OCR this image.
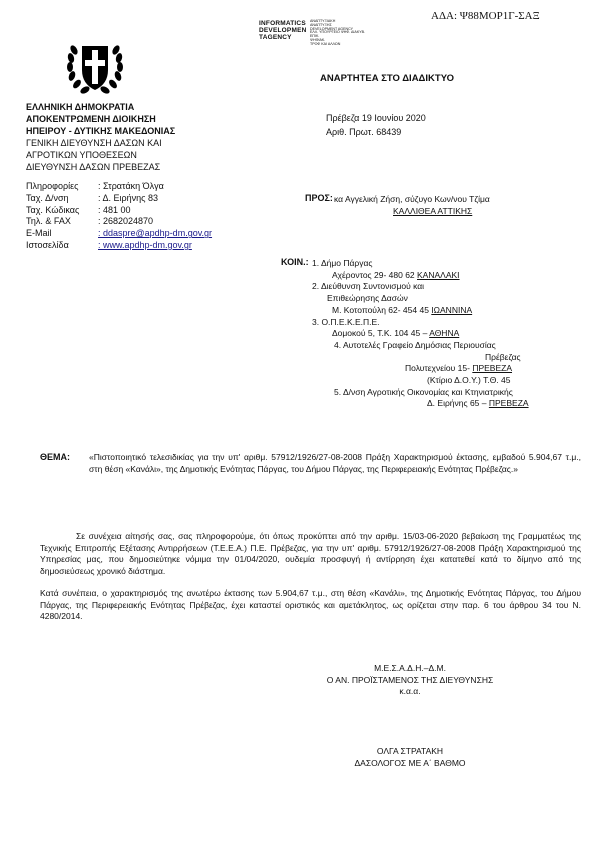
ΑΔΑ: Ψ88ΜΟΡ1Γ-ΣΑΞ
INFORMATICS
DEVELOPMEN
TAGENCY
ΑΝΑΠΤΥΞΙΑΚΗ
ΑΝΑΠΤΥΞΗΣ
DEVELOPMENT AGENCY
ΕΛΛ. ΥΠΟΥΡΓΕΙΟ ΨΗΦ. ΔΙΑΚΥΒ.
ΕΠΙΚ.
ΨΗΦΙΑΚ.
ΤΡΟΦ ΚΑΙ ΑΛΛΩΝ
ΑΝΑΡΤΗΤΕΑ ΣΤΟ ΔΙΑΔΙΚΤΥΟ
ΕΛΛΗΝΙΚΗ ΔΗΜΟΚΡΑΤΙΑ
ΑΠΟΚΕΝΤΡΩΜΕΝΗ ΔΙΟΙΚΗΣΗ
ΗΠΕΙΡΟΥ - ΔΥΤΙΚΗΣ ΜΑΚΕΔΟΝΙΑΣ
ΓΕΝΙΚΗ ΔΙΕΥΘΥΝΣΗ ΔΑΣΩΝ ΚΑΙ
ΑΓΡΟΤΙΚΩΝ ΥΠΟΘΕΣΕΩΝ
ΔΙΕΥΘΥΝΣΗ ΔΑΣΩΝ ΠΡΕΒΕΖΑΣ
Πρέβεζα 19 Ιουνίου 2020
Αριθ. Πρωτ. 68439
Πληροφορίες	: Στρατάκη Όλγα
Ταχ. Δ/νση	: Δ. Ειρήνης 83
Ταχ. Κώδικας	: 481 00
Τηλ. & FAX	: 2682024870
E-Mail	: ddaspre@apdhp-dm.gov.gr
Ιστοσελίδα	: www.apdhp-dm.gov.gr
ΠΡΟΣ: κα Αγγελική Ζήση, σύζυγο Κων/νου Τζίμα
ΚΑΛΛΙΘΕΑ ΑΤΤΙΚΗΣ
ΚΟΙΝ.: 1. Δήμο Πάργας
Αχέροντος 29- 480 62 ΚΑΝΑΛΑΚΙ
2. Διεύθυνση Συντονισμού και
Επιθεώρησης Δασών
Μ. Κοτοπούλη 62- 454 45 ΙΩΑΝΝΙΝΑ
3. Ο.Π.Ε.Κ.Ε.Π.Ε.
Δομοκού 5, Τ.Κ. 104 45 – ΑΘΗΝΑ
4. Αυτοτελές Γραφείο Δημόσιας Περιουσίας
Πρέβεζας
Πολυτεχνείου 15- ΠΡΕΒΕΖΑ
(Κτίριο Δ.Ο.Υ.) Τ.Θ. 45
5. Δ/νση Αγροτικής Οικονομίας και Κτηνιατρικής
Δ. Ειρήνης 65 – ΠΡΕΒΕΖΑ
ΘΕΜΑ: «Πιστοποιητικό τελεσιδικίας για την υπ' αριθμ. 57912/1926/27-08-2008 Πράξη Χαρακτηρισμού έκτασης, εμβαδού 5.904,67 τ.μ., στη θέση «Κανάλι», της Δημοτικής Ενότητας Πάργας, του Δήμου Πάργας, της Περιφερειακής Ενότητας Πρέβεζας.»
Σε συνέχεια αίτησής σας, σας πληροφορούμε, ότι όπως προκύπτει από την αριθμ. 15/03-06-2020 βεβαίωση της Γραμματέως της Τεχνικής Επιτροπής Εξέτασης Αντιρρήσεων (Τ.Ε.Ε.Α.) Π.Ε. Πρέβεζας, για την υπ' αριθμ. 57912/1926/27-08-2008 Πράξη Χαρακτηρισμού της Υπηρεσίας μας, που δημοσιεύτηκε νόμιμα την 01/04/2020, ουδεμία προσφυγή ή αντίρρηση έχει κατατεθεί κατά το δίμηνο από της δημοσιεύσεως χρονικό διάστημα.
Κατά συνέπεια, ο χαρακτηρισμός της ανωτέρω έκτασης των 5.904,67 τ.μ., στη θέση «Κανάλι», της Δημοτικής Ενότητας Πάργας, του Δήμου Πάργας, της Περιφερειακής Ενότητας Πρέβεζας, έχει καταστεί οριστικός και αμετάκλητος, ως ορίζεται στην παρ. 6 του άρθρου 34 του Ν. 4280/2014.
Μ.Ε.Σ.Α.Δ.Η.–Δ.Μ.
Ο ΑΝ. ΠΡΟΪΣΤΑΜΕΝΟΣ ΤΗΣ ΔΙΕΥΘΥΝΣΗΣ
κ.α.α.
ΟΛΓΑ ΣΤΡΑΤΑΚΗ
ΔΑΣΟΛΟΓΟΣ ΜΕ Α΄ ΒΑΘΜΟ
